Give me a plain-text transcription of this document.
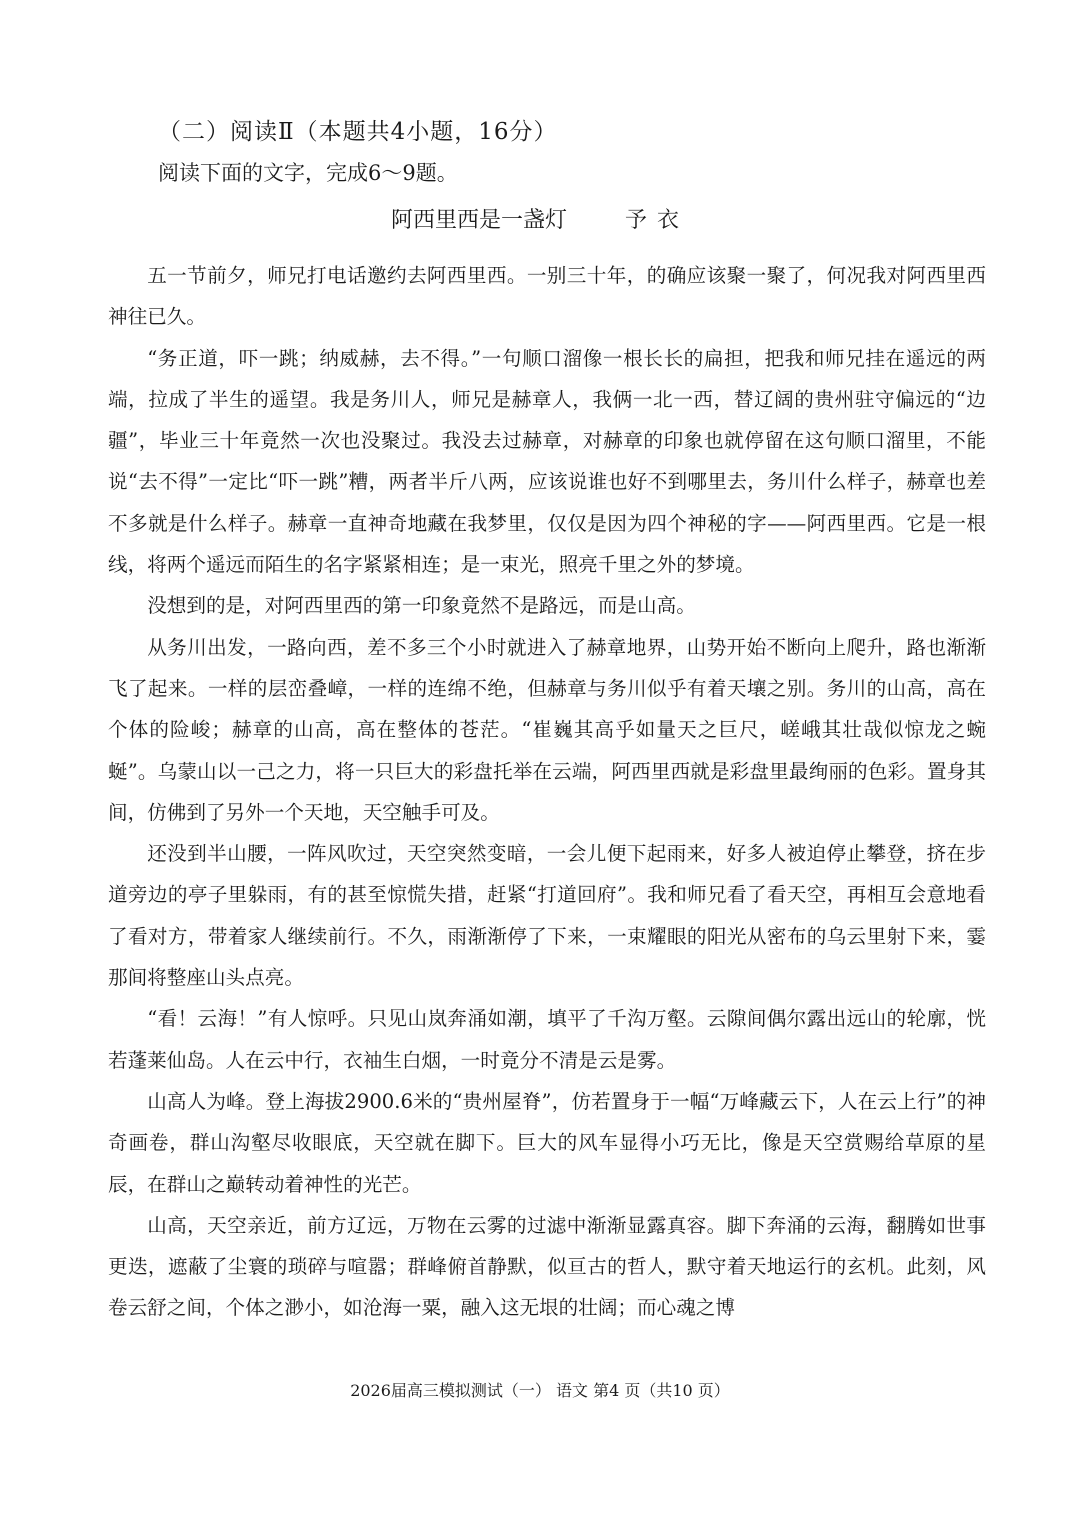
（二）阅读Ⅱ（本题共4小题，16分）
阅读下面的文字，完成6～9题。
阿西里西是一盏灯	予衣

五一节前夕，师兄打电话邀约去阿西里西。一别三十年，的确应该聚一聚了，何况我对阿西里西神往已久。

“务正道，吓一跳；纳威赫，去不得。”一句顺口溜像一根长长的扁担，把我和师兄挂在遥远的两端，拉成了半生的遥望。我是务川人，师兄是赫章人，我俩一北一西，替辽阔的贵州驻守偏远的“边疆”，毕业三十年竟然一次也没聚过。我没去过赫章，对赫章的印象也就停留在这句顺口溜里，不能说“去不得”一定比“吓一跳”糟，两者半斤八两，应该说谁也好不到哪里去，务川什么样子，赫章也差不多就是什么样子。赫章一直神奇地藏在我梦里，仅仅是因为四个神秘的字——阿西里西。它是一根线，将两个遥远而陌生的名字紧紧相连；是一束光，照亮千里之外的梦境。

没想到的是，对阿西里西的第一印象竟然不是路远，而是山高。

从务川出发，一路向西，差不多三个小时就进入了赫章地界，山势开始不断向上爬升，路也渐渐飞了起来。一样的层峦叠嶂，一样的连绵不绝，但赫章与务川似乎有着天壤之别。务川的山高，高在个体的险峻；赫章的山高，高在整体的苍茫。“崔巍其高乎如量天之巨尺，嵯峨其壮哉似惊龙之蜿蜒”。乌蒙山以一己之力，将一只巨大的彩盘托举在云端，阿西里西就是彩盘里最绚丽的色彩。置身其间，仿佛到了另外一个天地，天空触手可及。

还没到半山腰，一阵风吹过，天空突然变暗，一会儿便下起雨来，好多人被迫停止攀登，挤在步道旁边的亭子里躲雨，有的甚至惊慌失措，赶紧“打道回府”。我和师兄看了看天空，再相互会意地看了看对方，带着家人继续前行。不久，雨渐渐停了下来，一束耀眼的阳光从密布的乌云里射下来，霎那间将整座山头点亮。

“看！云海！”有人惊呼。只见山岚奔涌如潮，填平了千沟万壑。云隙间偶尔露出远山的轮廓，恍若蓬莱仙岛。人在云中行，衣袖生白烟，一时竟分不清是云是雾。

山高人为峰。登上海拔2900.6米的“贵州屋脊”，仿若置身于一幅“万峰藏云下，人在云上行”的神奇画卷，群山沟壑尽收眼底，天空就在脚下。巨大的风车显得小巧无比，像是天空赏赐给草原的星辰，在群山之巅转动着神性的光芒。

山高，天空亲近，前方辽远，万物在云雾的过滤中渐渐显露真容。脚下奔涌的云海，翻腾如世事更迭，遮蔽了尘寰的琐碎与喧嚣；群峰俯首静默，似亘古的哲人，默守着天地运行的玄机。此刻，风卷云舒之间，个体之渺小，如沧海一粟，融入这无垠的壮阔；而心魂之博

2026届高三模拟测试（一） 语文 第4 页（共10 页）
